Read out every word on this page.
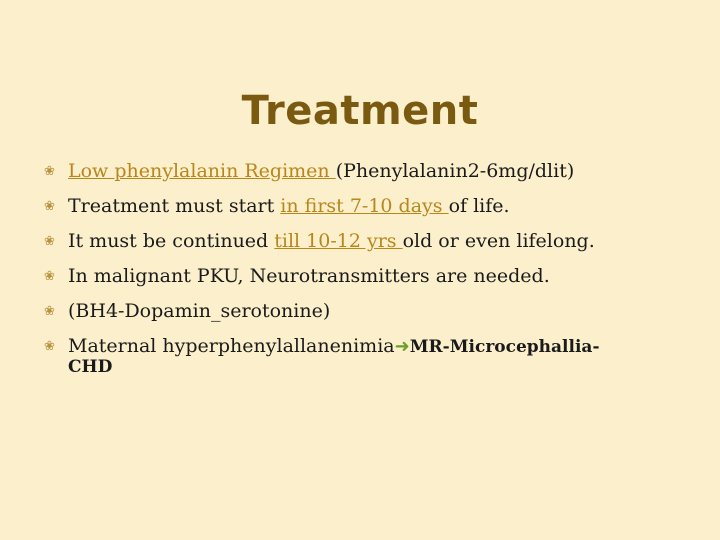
Treatment
❀ Low phenylalanin Regimen (Phenylalanin2-6mg/dlit)
❀ Treatment must start in first 7-10 days of life.
❀ It must be continued till 10-12 yrs old or even lifelong.
❀ In malignant PKU, Neurotransmitters are needed.
❀ (BH4-Dopamin_serotonine)
❀ Maternal hyperphenylallanenimia➜MR-Microcephallia-
CHD
